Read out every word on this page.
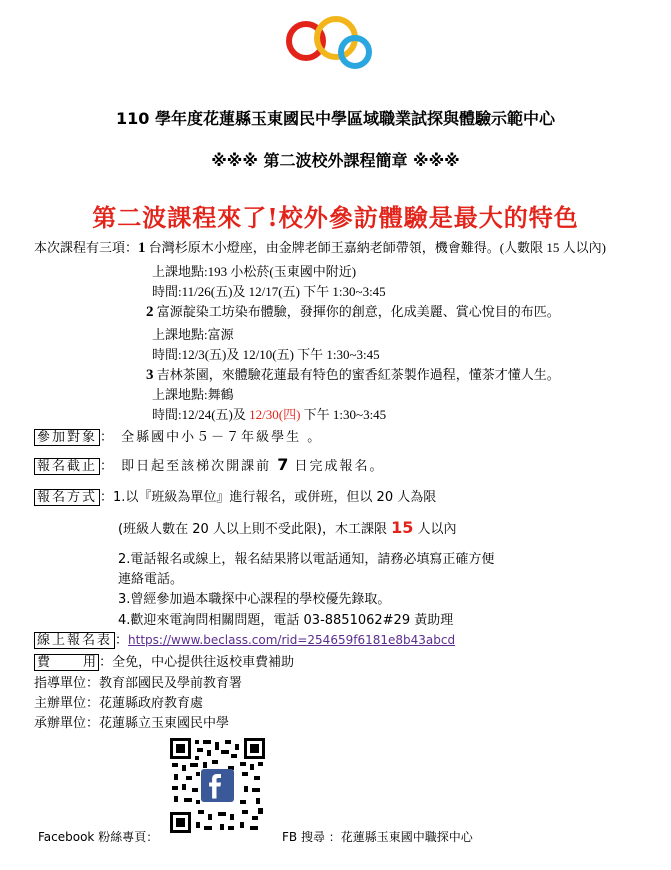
110 學年度花蓮縣玉東國民中學區域職業試探與體驗示範中心
※※※ 第二波校外課程簡章 ※※※
第二波課程來了!校外參訪體驗是最大的特色
本次課程有三項：1 台灣杉原木小燈座，由金牌老師王嘉納老師帶領，機會難得。(人數限 15 人以內)
上課地點:193 小松菸(玉東國中附近)
時間:11/26(五)及 12/17(五) 下午 1:30~3:45
2 富源靛染工坊染布體驗，發揮你的創意，化成美麗、賞心悅目的布匹。
上課地點:富源
時間:12/3(五)及 12/10(五) 下午 1:30~3:45
3 吉林茶園，來體驗花蓮最有特色的蜜香紅茶製作過程，懂茶才懂人生。
上課地點:舞鶴
時間:12/24(五)及 12/30(四) 下午 1:30~3:45
參加對象 ： 全縣國中小５－７年級學生 。
報名截止 ： 即日起至該梯次開課前 7 日完成報名。
報名方式 ：1.以『班級為單位』進行報名，或併班，但以 20 人為限
(班級人數在 20 人以上則不受此限)，木工課限 15 人以內
2.電話報名或線上，報名結果將以電話通知，請務必填寫正確方便
連絡電話。
3.曾經參加過本職探中心課程的學校優先錄取。
4.歡迎來電詢問相關問題，電話 03-8851062#29 黃助理
線上報名表 ：https://www.beclass.com/rid=254659f6181e8b43abcd
費        用 ：全免，中心提供往返校車費補助
指導單位：教育部國民及學前教育署
主辦單位：花蓮縣政府教育處
承辦單位：花蓮縣立玉東國民中學
Facebook 粉絲專頁：	FB 搜尋 ：花蓮縣玉東國中職探中心
